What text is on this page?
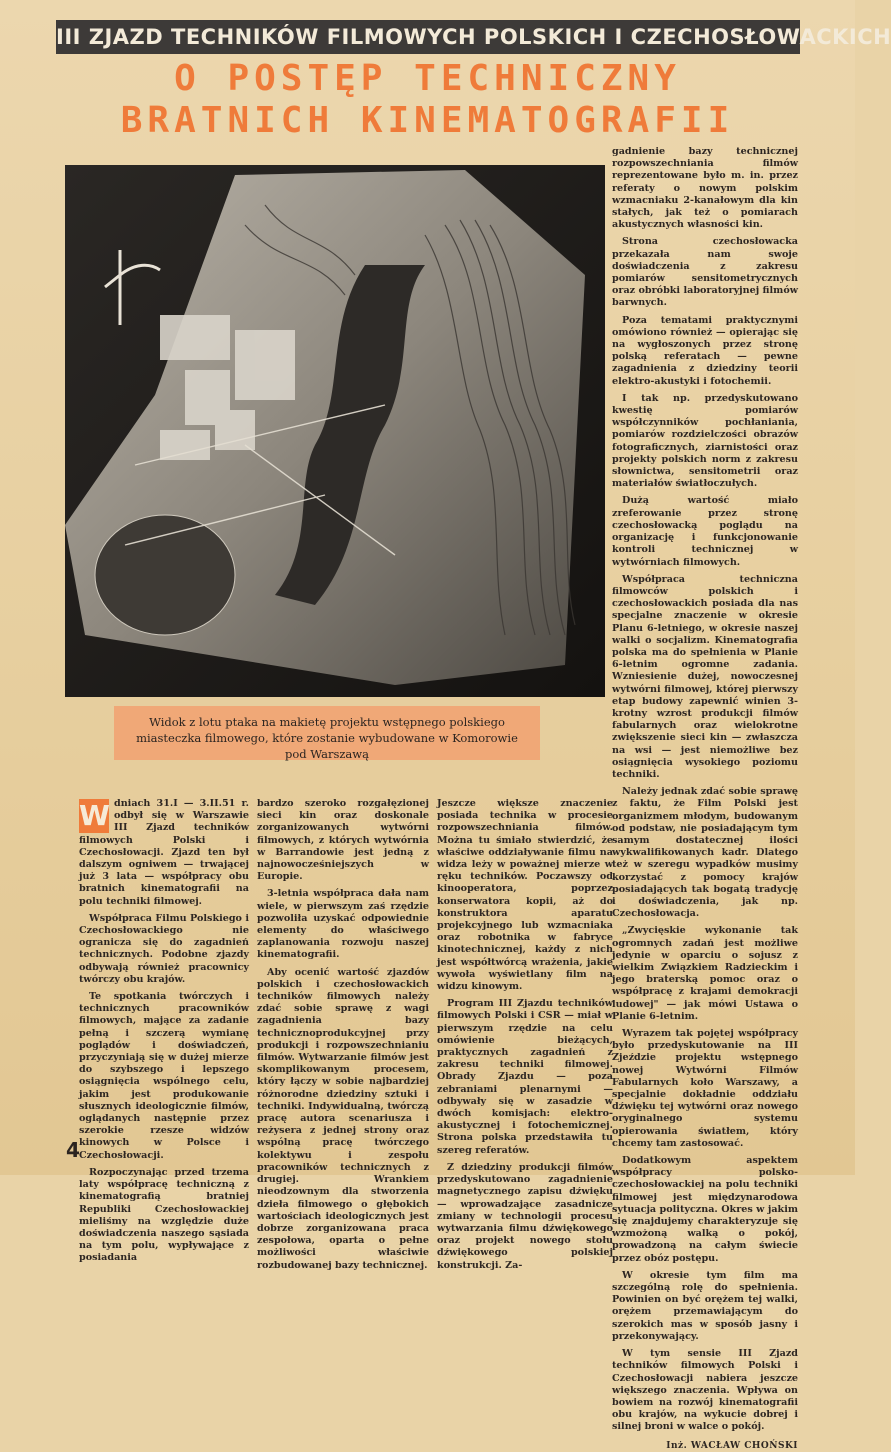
III ZJAZD TECHNIKÓW FILMOWYCH POLSKICH I CZECHOSŁOWACKICH
O POSTĘP TECHNICZNY
BRATNICH KINEMATOGRAFII
Widok z lotu ptaka na makietę projektu wstępnego polskiego miasteczka filmowego, które zostanie wybudowane w Komorowie pod Warszawą

gadnienie bazy technicznej rozpowszechniania filmów reprezentowane było m. in. przez referaty o nowym polskim wzmacniaku 2-kanałowym dla kin stałych, jak też o pomiarach akustycznych własności kin.

Strona czechosłowacka przekazała nam swoje doświadczenia z zakresu pomiarów sensitometrycznych oraz obróbki laboratoryjnej filmów barwnych.

Poza tematami praktycznymi omówiono również — opierając się na wygłoszonych przez stronę polską referatach — pewne zagadnienia z dziedziny teorii elektro-akustyki i fotochemii.

I tak np. przedyskutowano kwestię pomiarów współczynników pochłaniania, pomiarów rozdzielczości obrazów fotograficznych, ziarnistości oraz projekty polskich norm z zakresu słownictwa, sensitometrii oraz materiałów światłoczułych.

Dużą wartość miało zreferowanie przez stronę czechosłowacką poglądu na organizację i funkcjonowanie kontroli technicznej w wytwórniach filmowych.

Współpraca techniczna filmowców polskich i czechosłowackich posiada dla nas specjalne znaczenie w okresie Planu 6-letniego, w okresie naszej walki o socjalizm. Kinematografia polska ma do spełnienia w Planie 6-letnim ogromne zadania. Wzniesienie dużej, nowoczesnej wytwórni filmowej, której pierwszy etap budowy zapewnić winien 3-krotny wzrost produkcji filmów fabularnych oraz wielokrotne zwiększenie sieci kin — zwłaszcza na wsi — jest niemożliwe bez osiągnięcia wysokiego poziomu techniki.

Należy jednak zdać sobie sprawę z faktu, że Film Polski jest organizmem młodym, budowanym od podstaw, nie posiadającym tym samym dostatecznej ilości wykwalifikowanych kadr. Dlatego też w szeregu wypadków musimy korzystać z pomocy krajów posiadających tak bogatą tradycję i doświadczenia, jak np. Czechosłowacja.

„Zwycięskie wykonanie tak ogromnych zadań jest możliwe jedynie w oparciu o sojusz z wielkim Związkiem Radzieckim i jego braterską pomoc oraz o współpracę z krajami demokracji ludowej" — jak mówi Ustawa o Planie 6-letnim.

Wyrazem tak pojętej współpracy było przedyskutowanie na III Zjeździe projektu wstępnego nowej Wytwórni Filmów Fabularnych koło Warszawy, a specjalnie dokładnie oddziału dźwięku tej wytwórni oraz nowego oryginalnego systemu opierowania światłem, który chcemy tam zastosować.

Dodatkowym aspektem współpracy polsko-czechosłowackiej na polu techniki filmowej jest międzynarodowa sytuacja polityczna. Okres w jakim się znajdujemy charakteryzuje się wzmożoną walką o pokój, prowadzoną na całym świecie przez obóz postępu.

W okresie tym film ma szczególną rolę do spełnienia. Powinien on być orężem tej walki, orężem przemawiającym do szerokich mas w sposób jasny i przekonywający.

W tym sensie III Zjazd techników filmowych Polski i Czechosłowacji nabiera jeszcze większego znaczenia. Wpływa on bowiem na rozwój kinematografii obu krajów, na wykucie dobrej i silnej broni w walce o pokój.

Inż. WACŁAW CHOŃSKI
W dniach 31.I — 3.II.51 r. odbył się w Warszawie III Zjazd techników filmowych Polski i Czechosłowacji. Zjazd ten był dalszym ogniwem — trwającej już 3 lata — współpracy obu bratnich kinematografii na polu techniki filmowej.

Współpraca Filmu Polskiego i Czechosłowackiego nie ogranicza się do zagadnień technicznych. Podobne zjazdy odbywają również pracownicy twórczy obu krajów.

Te spotkania twórczych i technicznych pracowników filmowych, mające za zadanie pełną i szczerą wymianę poglądów i doświadczeń, przyczyniają się w dużej mierze do szybszego i lepszego osiągnięcia wspólnego celu, jakim jest produkowanie słusznych ideologicznie filmów, oglądanych następnie przez szerokie rzesze widzów kinowych w Polsce i Czechosłowacji.

Rozpoczynając przed trzema laty współpracę techniczną z kinematografią bratniej Republiki Czechosłowackiej mieliśmy na względzie duże doświadczenia naszego sąsiada na tym polu, wypływające z posiadania

bardzo szeroko rozgałęzionej sieci kin oraz doskonale zorganizowanych wytwórni filmowych, z których wytwórnia w Barrandowie jest jedną z najnowocześniejszych w Europie.

3-letnia współpraca dała nam wiele, w pierwszym zaś rzędzie pozwoliła uzyskać odpowiednie elementy do właściwego zaplanowania rozwoju naszej kinematografii.

Aby ocenić wartość zjazdów polskich i czechosłowackich techników filmowych należy zdać sobie sprawę z wagi zagadnienia bazy technicznoprodukcyjnej przy produkcji i rozpowszechnianiu filmów. Wytwarzanie filmów jest skomplikowanym procesem, który łączy w sobie najbardziej różnorodne dziedziny sztuki i techniki. Indywidualną, twórczą pracę autora scenariusza i reżysera z jednej strony oraz wspólną pracę twórczego kolektywu i zespołu pracowników technicznych z drugiej. Wrankiem nieodzownym dla stworzenia dzieła filmowego o głębokich wartościach ideologicznych jest dobrze zorganizowana praca zespołowa, oparta o pełne możliwości właściwie rozbudowanej bazy technicznej.

Jeszcze większe znaczenie posiada technika w procesie rozpowszechniania filmów. Można tu śmiało stwierdzić, że właściwe oddziaływanie filmu na widza leży w poważnej mierze w ręku techników. Poczawszy od kinooperatora, poprzez konserwatora kopii, aż do konstruktora aparatu projekcyjnego lub wzmacniaka oraz robotnika w fabryce kinotechnicznej, każdy z nich jest współtwórcą wrażenia, jakie wywoła wyświetlany film na widzu kinowym.

Program III Zjazdu techników filmowych Polski i CSR — miał w pierwszym rzędzie na celu omówienie bieżących, praktycznych zagadnień z zakresu techniki filmowej. Obrady Zjazdu — poza zebraniami plenarnymi — odbywały się w zasadzie w dwóch komisjach: elektro-akustycznej i fotochemicznej. Strona polska przedstawiła tu szereg referatów.

Z dziedziny produkcji filmów przedyskutowano zagadnienie magnetycznego zapisu dźwięku — wprowadzające zasadnicze zmiany w technologii procesu wytwarzania filmu dźwiękowego oraz projekt nowego stołu dźwiękowego polskiej konstrukcji. Za-

4
